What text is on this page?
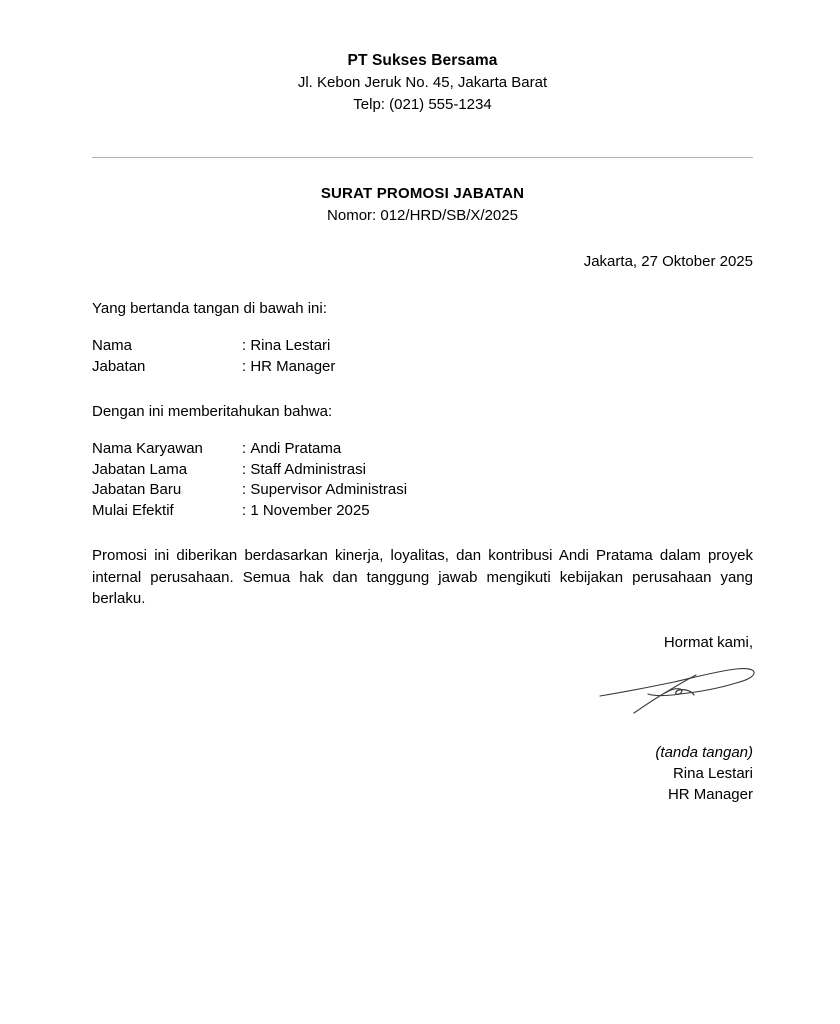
PT Sukses Bersama
Jl. Kebon Jeruk No. 45, Jakarta Barat
Telp: (021) 555-1234
SURAT PROMOSI JABATAN
Nomor: 012/HRD/SB/X/2025
Jakarta, 27 Oktober 2025
Yang bertanda tangan di bawah ini:
Nama	: Rina Lestari
Jabatan	: HR Manager
Dengan ini memberitahukan bahwa:
Nama Karyawan	: Andi Pratama
Jabatan Lama	: Staff Administrasi
Jabatan Baru	: Supervisor Administrasi
Mulai Efektif	: 1 November 2025
Promosi ini diberikan berdasarkan kinerja, loyalitas, dan kontribusi Andi Pratama dalam proyek internal perusahaan. Semua hak dan tanggung jawab mengikuti kebijakan perusahaan yang berlaku.
Hormat kami,
(tanda tangan)
Rina Lestari
HR Manager
